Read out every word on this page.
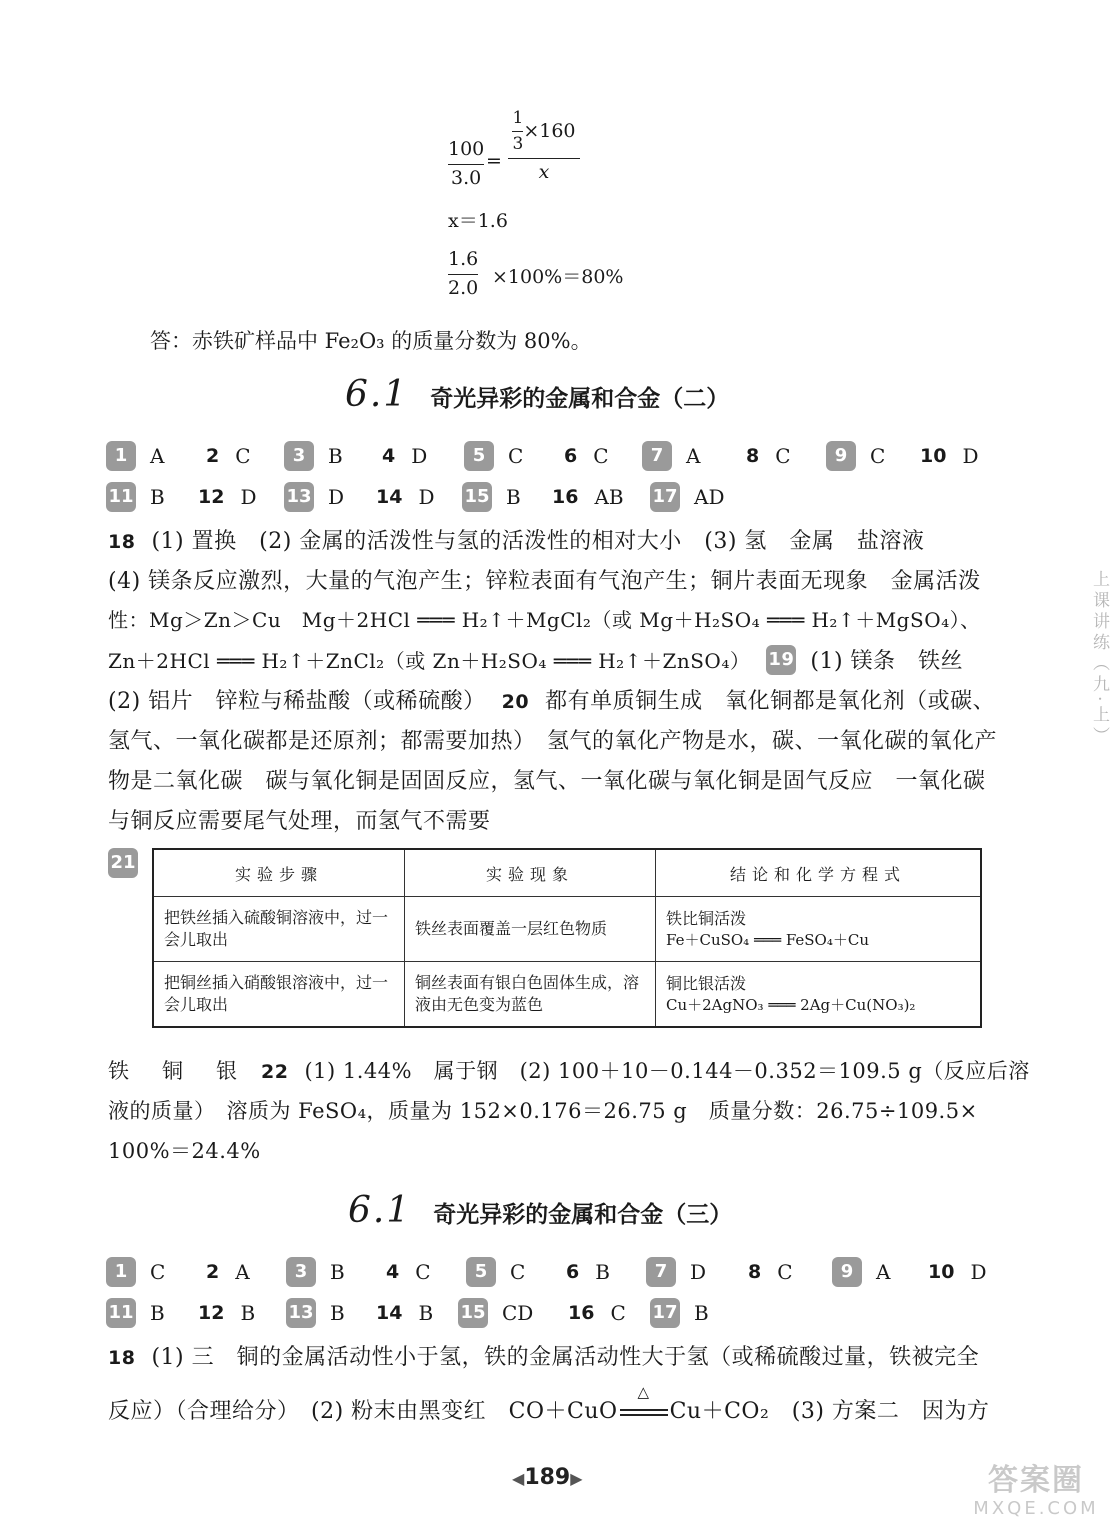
100
3.0
=
$\frac{1}{3} \times 160$
x
x＝1.6
1.6
2.0 ×100%＝80%
答：赤铁矿样品中 Fe₂O₃ 的质量分数为 80%。
6.1 奇光异彩的金属和合金（二）
1	A 2 C	3	B 4 D	5	C 6 C	7	A 8 C	9	C 10 D
11 B 12 D 13 D 14 D 15 B 16 AB 17 AD
18 (1) 置换　(2) 金属的活泼性与氢的活泼性的相对大小　(3) 氢　金属　盐溶液
(4) 镁条反应激烈，大量的气泡产生；锌粒表面有气泡产生；铜片表面无现象　金属活泼
性：Mg＞Zn＞Cu　Mg＋2HCl ═══ H₂↑＋MgCl₂（或 Mg＋H₂SO₄ ═══ H₂↑＋MgSO₄）、
Zn＋2HCl ═══ H₂↑＋ZnCl₂（或 Zn＋H₂SO₄ ═══ H₂↑＋ZnSO₄） 19 (1) 镁条　铁丝
(2) 铝片　锌粒与稀盐酸（或稀硫酸） 20 都有单质铜生成　氧化铜都是氧化剂（或碳、
氢气、一氧化碳都是还原剂；都需要加热）　氢气的氧化产物是水，碳、一氧化碳的氧化产
物是二氧化碳　碳与氧化铜是固固反应，氢气、一氧化碳与氧化铜是固气反应　一氧化碳
与铜反应需要尾气处理，而氢气不需要
21
实验步骤	实验现象	结论和化学方程式
把铁丝插入硫酸铜溶液中，过一会儿取出	铁丝表面覆盖一层红色物质	铁比铜活泼
Fe＋CuSO₄ ═══ FeSO₄＋Cu

把铜丝插入硝酸银溶液中，过一会儿取出	铜丝表面有银白色固体生成，溶液由无色变为蓝色	铜比银活泼
Cu＋2AgNO₃ ═══ 2Ag＋Cu(NO₃)₂
铁　铜　银 22 (1) 1.44%　属于钢　(2) 100＋10－0.144－0.352＝109.5 g（反应后溶
液的质量）　溶质为 FeSO₄，质量为 152×0.176＝26.75 g　质量分数：26.75÷109.5×
100%＝24.4%
6.1 奇光异彩的金属和合金（三）
1	C 2 A	3	B 4 C	5	C 6 B	7	D 8 C	9	A 10 D
11 B 12 B 13 B 14 B 15 CD 16 C 17 B
18 (1) 三　铜的金属活动性小于氢，铁的金属活动性大于氢（或稀硫酸过量，铁被完全
反应）（合理给分）　(2) 粉末由黑变红　CO＋CuO
△
Cu＋CO₂　(3) 方案二　因为方
上课讲练（九·上）
◀189▶	答案圈
MXQE.COM
